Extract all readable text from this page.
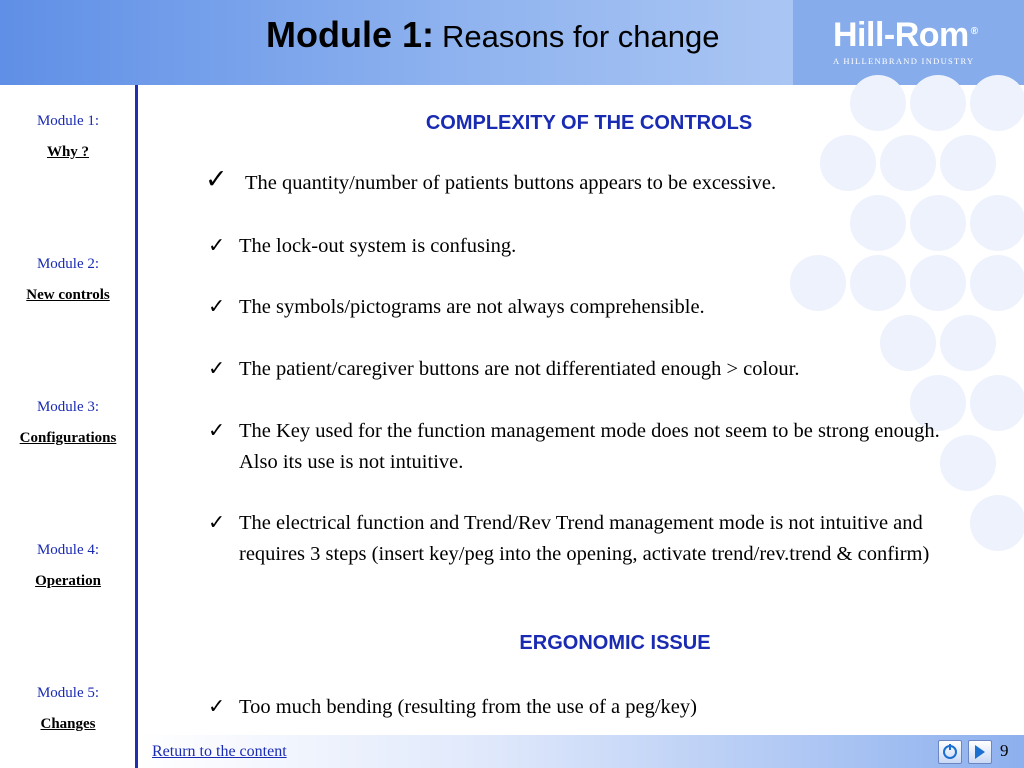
Module 1: Reasons for change	Hill-Rom ®
A HILLENBRAND INDUSTRY
Module 1:
Why ?
Module 2:
New controls
Module 3:
Configurations
Module 4:
Operation
Module 5:
Changes
COMPLEXITY OF THE CONTROLS
✓ The quantity/number of patients buttons appears to be excessive.
✓ The lock-out system is confusing.
✓ The symbols/pictograms are not always comprehensible.
✓ The patient/caregiver buttons are not differentiated enough > colour.
✓ The Key used for the function management mode does not seem to be strong enough. Also its use is not intuitive.
✓ The electrical function and Trend/Rev Trend management mode is not intuitive and requires 3 steps (insert key/peg into the opening, activate trend/rev.trend & confirm)
ERGONOMIC ISSUE
✓ Too much bending (resulting from the use of a peg/key)
Return to the content	9
